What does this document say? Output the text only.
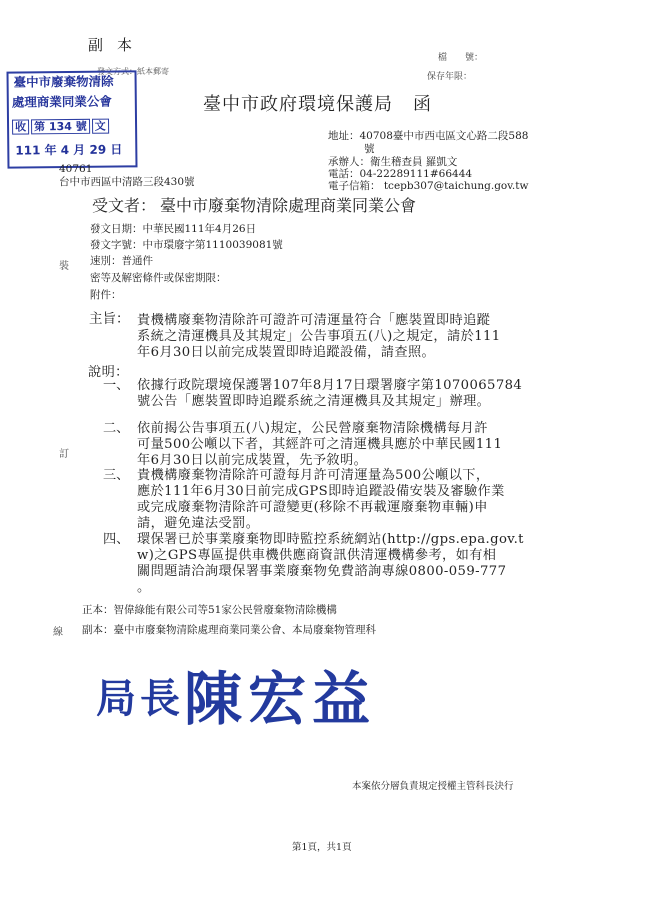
副本
檔　　號：
保存年限：
發文方式：紙本郵寄
臺中市廢棄物清除
處理商業同業公會
收 第 134 號 文
111 年 4 月 29 日
臺中市政府環境保護局 函
地址：40708臺中市西屯區文心路二段588
號
承辦人：衛生稽查員 羅凱文
電話：04-22289111#66444
電子信箱： tcepb307@taichung.gov.tw
40761
台中市西區中清路三段430號
受文者： 臺中市廢棄物清除處理商業同業公會
發文日期：中華民國111年4月26日
發文字號：中市環廢字第1110039081號
速別：普通件
密等及解密條件或保密期限：
附件：
裝
訂
線
主旨： 貴機構廢棄物清除許可證許可清運量符合「應裝置即時追蹤
系統之清運機具及其規定」公告事項五(八)之規定，請於111
年6月30日以前完成裝置即時追蹤設備，請查照。
說明：
一、 依據行政院環境保護署107年8月17日環署廢字第1070065784
號公告「應裝置即時追蹤系統之清運機具及其規定」辦理。
二、 依前揭公告事項五(八)規定，公民營廢棄物清除機構每月許
可量500公噸以下者，其經許可之清運機具應於中華民國111
年6月30日以前完成裝置，先予敘明。
三、 貴機構廢棄物清除許可證每月許可清運量為500公噸以下，
應於111年6月30日前完成GPS即時追蹤設備安裝及審驗作業
或完成廢棄物清除許可證變更(移除不再載運廢棄物車輛)申
請，避免違法受罰。
四、 環保署已於事業廢棄物即時監控系統網站(http://gps.epa.gov.t
w)之GPS專區提供車機供應商資訊供清運機構參考，如有相
關問題請洽詢環保署事業廢棄物免費諮詢專線0800-059-777
。
正本：智偉綠能有限公司等51家公民營廢棄物清除機構
副本：臺中市廢棄物清除處理商業同業公會、本局廢棄物管理科
局長陳宏益
本案依分層負責規定授權主管科長決行
第1頁，共1頁
